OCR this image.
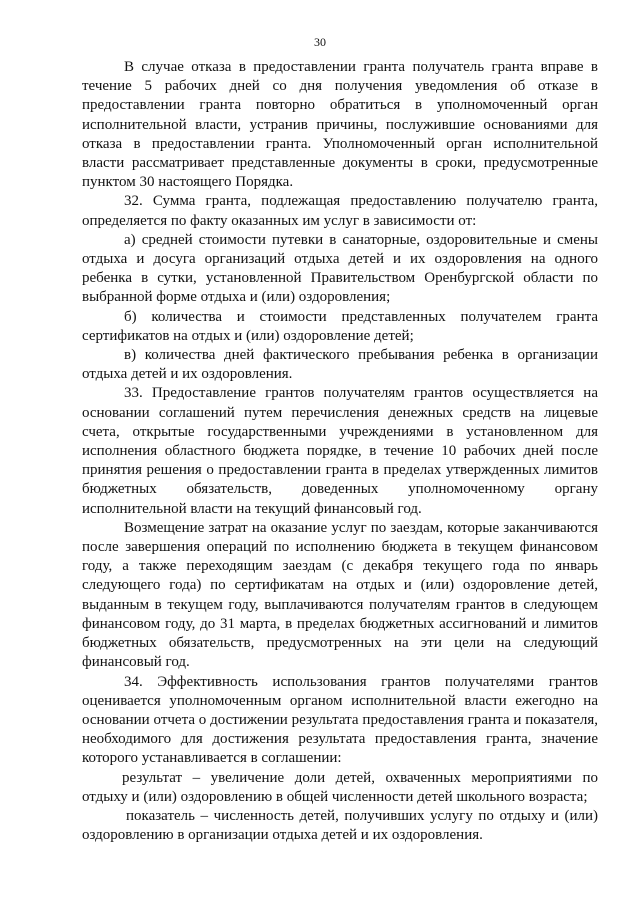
30

В случае отказа в предоставлении гранта получатель гранта вправе в течение 5 рабочих дней со дня получения уведомления об отказе в предоставлении гранта повторно обратиться в уполномоченный орган исполнительной власти, устранив причины, послужившие основаниями для отказа в предоставлении гранта. Уполномоченный орган исполнительной власти рассматривает представленные документы в сроки, предусмотренные пунктом 30 настоящего Порядка.

32. Сумма гранта, подлежащая предоставлению получателю гранта, определяется по факту оказанных им услуг в зависимости от:

а) средней стоимости путевки в санаторные, оздоровительные и смены отдыха и досуга организаций отдыха детей и их оздоровления на одного ребенка в сутки, установленной Правительством Оренбургской области по выбранной форме отдыха и (или) оздоровления;

б) количества и стоимости представленных получателем гранта сертификатов на отдых и (или) оздоровление детей;

в) количества дней фактического пребывания ребенка в организации отдыха детей и их оздоровления.

33. Предоставление грантов получателям грантов осуществляется на основании соглашений путем перечисления денежных средств на лицевые счета, открытые государственными учреждениями в установленном для исполнения областного бюджета порядке, в течение 10 рабочих дней после принятия решения о предоставлении гранта в пределах утвержденных лимитов бюджетных обязательств, доведенных уполномоченному органу исполнительной власти на текущий финансовый год.

Возмещение затрат на оказание услуг по заездам, которые заканчиваются после завершения операций по исполнению бюджета в текущем финансовом году, а также переходящим заездам (с декабря текущего года по январь следующего года) по сертификатам на отдых и (или) оздоровление детей, выданным в текущем году, выплачиваются получателям грантов в следующем финансовом году, до 31 марта, в пределах бюджетных ассигнований и лимитов бюджетных обязательств, предусмотренных на эти цели на следующий финансовый год.

34. Эффективность использования грантов получателями грантов оценивается уполномоченным органом исполнительной власти ежегодно на основании отчета о достижении результата предоставления гранта и показателя, необходимого для достижения результата предоставления гранта, значение которого устанавливается в соглашении:

результат – увеличение доли детей, охваченных мероприятиями по отдыху и (или) оздоровлению в общей численности детей школьного возраста;

показатель – численность детей, получивших услугу по отдыху и (или) оздоровлению в организации отдыха детей и их оздоровления.
